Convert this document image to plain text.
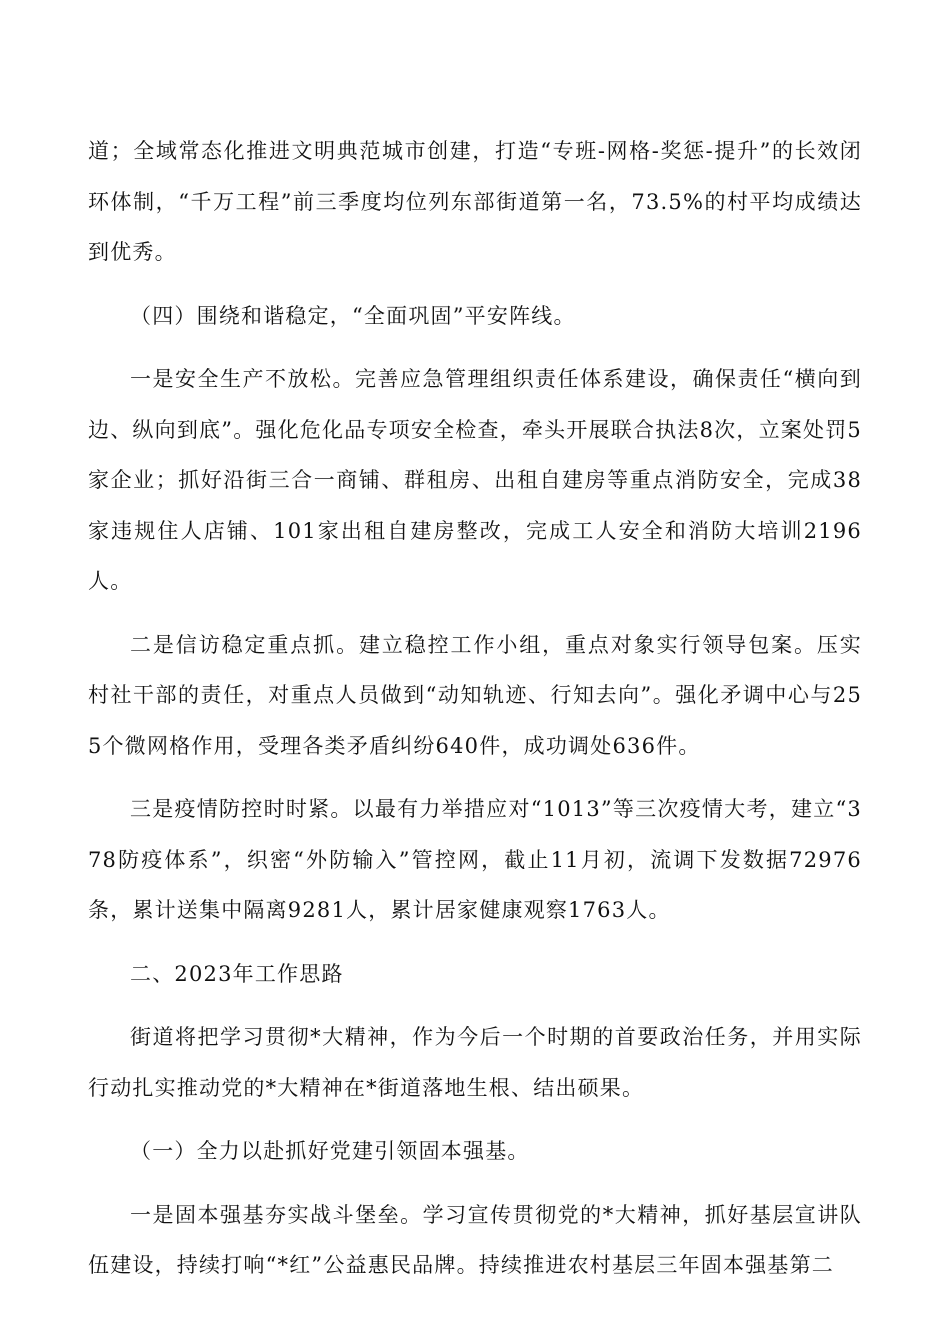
道；全域常态化推进文明典范城市创建，打造“专班-网格-奖惩-提升”的长效闭环体制，“千万工程”前三季度均位列东部街道第一名，73.5%的村平均成绩达到优秀。

（四）围绕和谐稳定，“全面巩固”平安阵线。

一是安全生产不放松。完善应急管理组织责任体系建设，确保责任“横向到边、纵向到底”。强化危化品专项安全检查，牵头开展联合执法8次，立案处罚5家企业；抓好沿街三合一商铺、群租房、出租自建房等重点消防安全，完成38家违规住人店铺、101家出租自建房整改，完成工人安全和消防大培训2196人。

二是信访稳定重点抓。建立稳控工作小组，重点对象实行领导包案。压实村社干部的责任，对重点人员做到“动知轨迹、行知去向”。强化矛调中心与255个微网格作用，受理各类矛盾纠纷640件，成功调处636件。

三是疫情防控时时紧。以最有力举措应对“1013”等三次疫情大考，建立“378防疫体系”，织密“外防输入”管控网，截止11月初，流调下发数据72976条，累计送集中隔离9281人，累计居家健康观察1763人。

二、2023年工作思路

街道将把学习贯彻*大精神，作为今后一个时期的首要政治任务，并用实际行动扎实推动党的*大精神在*街道落地生根、结出硕果。

（一）全力以赴抓好党建引领固本强基。

一是固本强基夯实战斗堡垒。学习宣传贯彻党的*大精神，抓好基层宣讲队伍建设，持续打响“*红”公益惠民品牌。持续推进农村基层三年固本强基第二
